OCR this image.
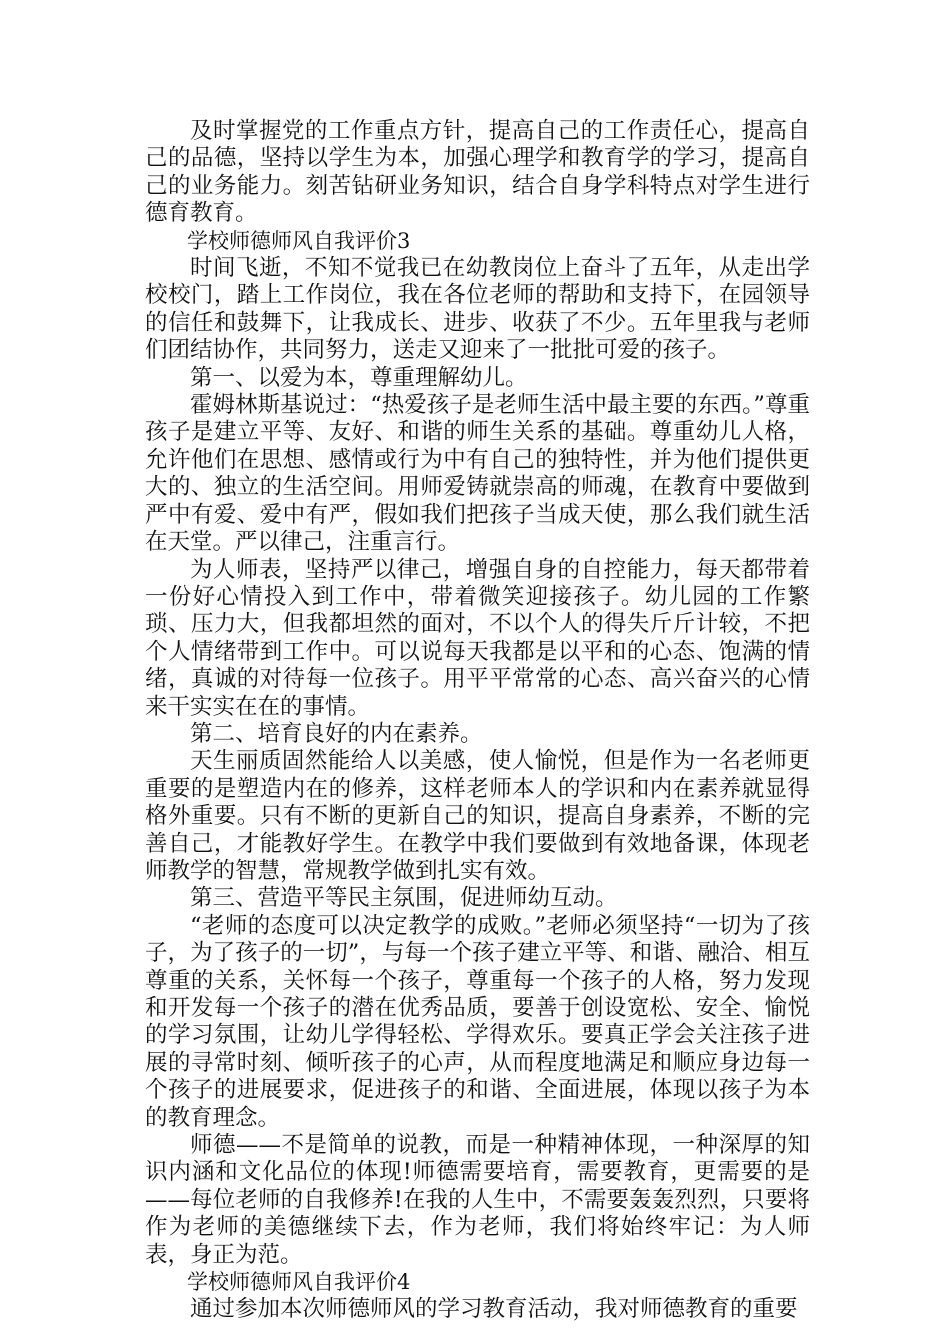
及时掌握党的工作重点方针，提高自己的工作责任心，提高自己的品德，坚持以学生为本，加强心理学和教育学的学习，提高自己的业务能力。刻苦钻研业务知识，结合自身学科特点对学生进行德育教育。

学校师德师风自我评价3

时间飞逝，不知不觉我已在幼教岗位上奋斗了五年，从走出学校校门，踏上工作岗位，我在各位老师的帮助和支持下，在园领导的信任和鼓舞下，让我成长、进步、收获了不少。五年里我与老师们团结协作，共同努力，送走又迎来了一批批可爱的孩子。

第一、以爱为本，尊重理解幼儿。

霍姆林斯基说过：“热爱孩子是老师生活中最主要的东西。”尊重孩子是建立平等、友好、和谐的师生关系的基础。尊重幼儿人格，允许他们在思想、感情或行为中有自己的独特性，并为他们提供更大的、独立的生活空间。用师爱铸就崇高的师魂，在教育中要做到严中有爱、爱中有严，假如我们把孩子当成天使，那么我们就生活在天堂。严以律己，注重言行。

为人师表，坚持严以律己，增强自身的自控能力，每天都带着一份好心情投入到工作中，带着微笑迎接孩子。幼儿园的工作繁琐、压力大，但我都坦然的面对，不以个人的得失斤斤计较，不把个人情绪带到工作中。可以说每天我都是以平和的心态、饱满的情绪，真诚的对待每一位孩子。用平平常常的心态、高兴奋兴的心情来干实实在在的事情。

第二、培育良好的内在素养。

天生丽质固然能给人以美感，使人愉悦，但是作为一名老师更重要的是塑造内在的修养，这样老师本人的学识和内在素养就显得格外重要。只有不断的更新自己的知识，提高自身素养，不断的完善自己，才能教好学生。在教学中我们要做到有效地备课，体现老师教学的智慧，常规教学做到扎实有效。

第三、营造平等民主氛围，促进师幼互动。

“老师的态度可以决定教学的成败。”老师必须坚持“一切为了孩子，为了孩子的一切”，与每一个孩子建立平等、和谐、融洽、相互尊重的关系，关怀每一个孩子，尊重每一个孩子的人格，努力发现和开发每一个孩子的潜在优秀品质，要善于创设宽松、安全、愉悦的学习氛围，让幼儿学得轻松、学得欢乐。要真正学会关注孩子进展的寻常时刻、倾听孩子的心声，从而程度地满足和顺应身边每一个孩子的进展要求，促进孩子的和谐、全面进展，体现以孩子为本的教育理念。

师德——不是简单的说教，而是一种精神体现，一种深厚的知识内涵和文化品位的体现!师德需要培育，需要教育，更需要的是——每位老师的自我修养!在我的人生中，不需要轰轰烈烈，只要将作为老师的美德继续下去，作为老师，我们将始终牢记：为人师表，身正为范。

学校师德师风自我评价4

通过参加本次师德师风的学习教育活动，我对师德教育的重要
